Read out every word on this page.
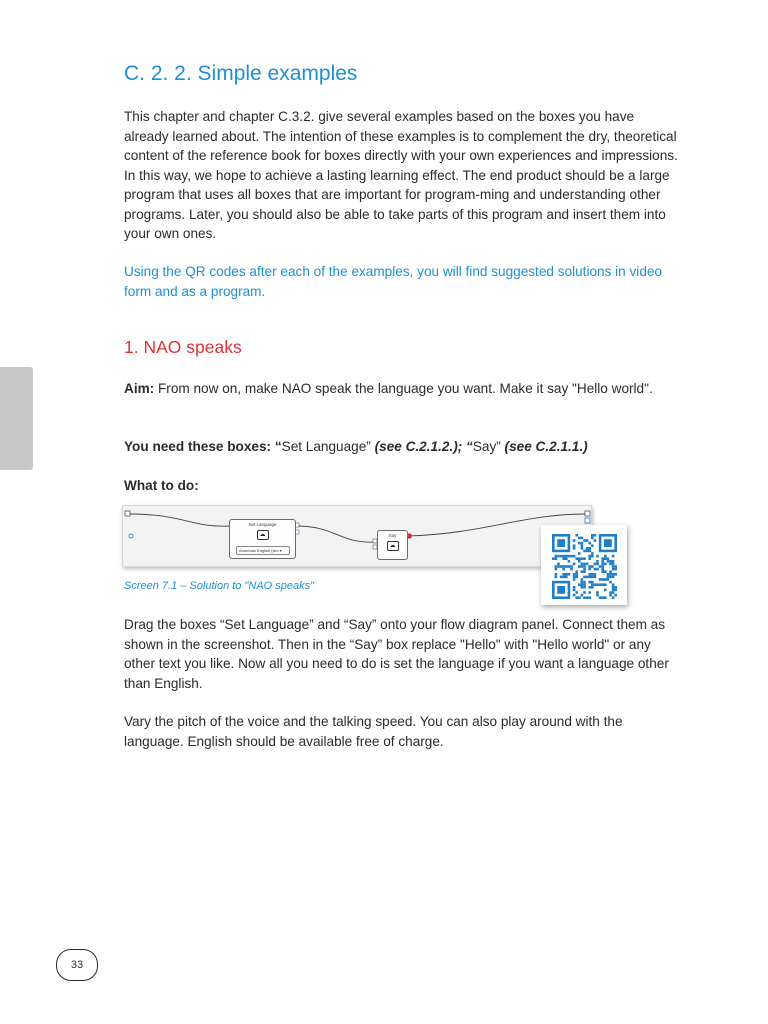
C. 2. 2. Simple examples

This chapter and chapter C.3.2. give several examples based on the boxes you have already learned about. The intention of these examples is to complement the dry, theoretical content of the reference book for boxes directly with your own experiences and impressions. In this way, we hope to achieve a lasting learning effect. The end product should be a large program that uses all boxes that are important for program-ming and understanding other programs. Later, you should also be able to take parts of this program and insert them into your own ones.

Using the QR codes after each of the examples, you will find suggested solutions in video form and as a program.

1. NAO speaks

Aim: From now on, make NAO speak the language you want. Make it say "Hello world".

You need these boxes: “Set Language” (see C.2.1.2.); “Say” (see C.2.1.1.)

What to do:

Set Language
☁
American English (Am ▾
Say
☁

Screen 7.1 – Solution to "NAO speaks"

Drag the boxes “Set Language” and “Say” onto your flow diagram panel. Connect them as shown in the screenshot. Then in the “Say” box replace "Hello" with "Hello world" or any other text you like. Now all you need to do is set the language if you want a language other than English.

Vary the pitch of the voice and the talking speed. You can also play around with the language. English should be available free of charge.

33
